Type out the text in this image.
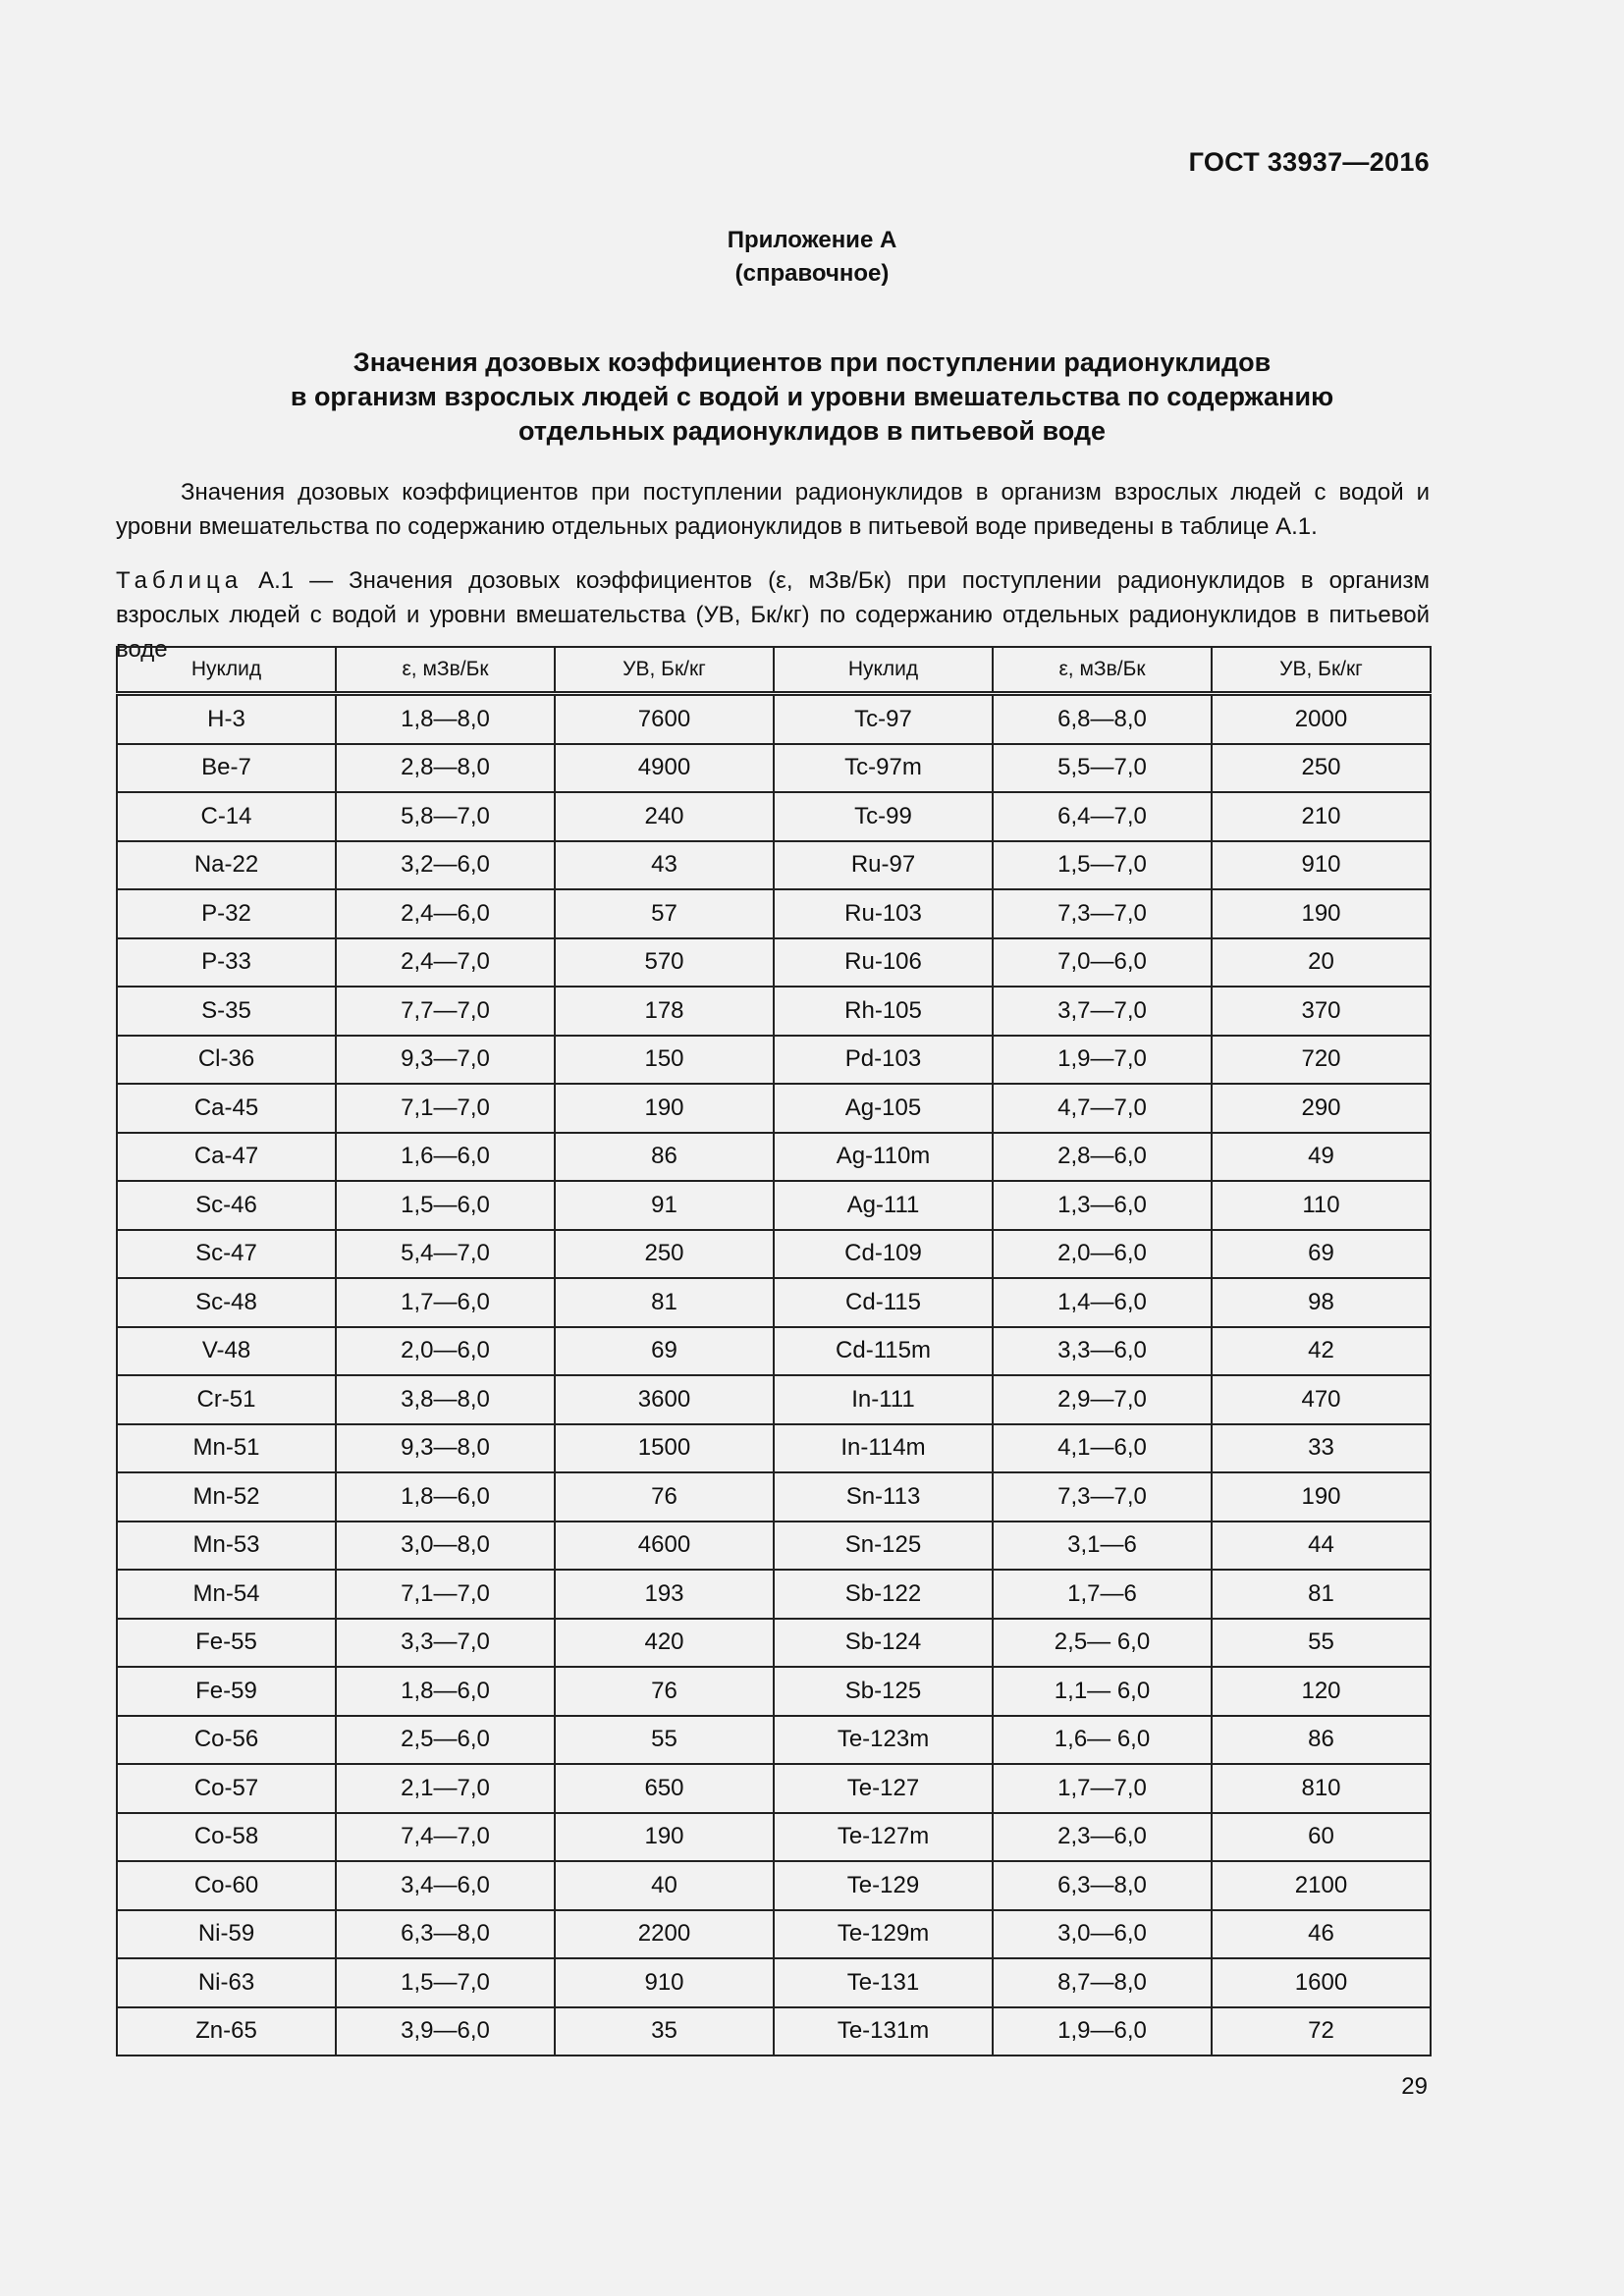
ГОСТ 33937—2016
Приложение А
(справочное)
Значения дозовых коэффициентов при поступлении радионуклидов
в организм взрослых людей с водой и уровни вмешательства по содержанию
отдельных радионуклидов в питьевой воде
Значения дозовых коэффициентов при поступлении радионуклидов в организм взрослых людей с водой и уровни вмешательства по содержанию отдельных радионуклидов в питьевой воде приведены в таблице А.1.
Таблица А.1 — Значения дозовых коэффициентов (ε, мЗв/Бк) при поступлении радионуклидов в организм взрослых людей с водой и уровни вмешательства (УВ, Бк/кг) по содержанию отдельных радионуклидов в питьевой воде
Нуклид	ε, мЗв/Бк	УВ, Бк/кг	Нуклид	ε, мЗв/Бк	УВ, Бк/кг
H-3	1,8—8,0	7600	Tc-97	6,8—8,0	2000
Be-7	2,8—8,0	4900	Tc-97m	5,5—7,0	250
C-14	5,8—7,0	240	Tc-99	6,4—7,0	210
Na-22	3,2—6,0	43	Ru-97	1,5—7,0	910
P-32	2,4—6,0	57	Ru-103	7,3—7,0	190
P-33	2,4—7,0	570	Ru-106	7,0—6,0	20
S-35	7,7—7,0	178	Rh-105	3,7—7,0	370
Cl-36	9,3—7,0	150	Pd-103	1,9—7,0	720
Ca-45	7,1—7,0	190	Ag-105	4,7—7,0	290
Ca-47	1,6—6,0	86	Ag-110m	2,8—6,0	49
Sc-46	1,5—6,0	91	Ag-111	1,3—6,0	110
Sc-47	5,4—7,0	250	Cd-109	2,0—6,0	69
Sc-48	1,7—6,0	81	Cd-115	1,4—6,0	98
V-48	2,0—6,0	69	Cd-115m	3,3—6,0	42
Cr-51	3,8—8,0	3600	In-111	2,9—7,0	470
Mn-51	9,3—8,0	1500	In-114m	4,1—6,0	33
Mn-52	1,8—6,0	76	Sn-113	7,3—7,0	190
Mn-53	3,0—8,0	4600	Sn-125	3,1—6	44
Mn-54	7,1—7,0	193	Sb-122	1,7—6	81
Fe-55	3,3—7,0	420	Sb-124	2,5— 6,0	55
Fe-59	1,8—6,0	76	Sb-125	1,1— 6,0	120
Co-56	2,5—6,0	55	Te-123m	1,6— 6,0	86
Co-57	2,1—7,0	650	Te-127	1,7—7,0	810
Co-58	7,4—7,0	190	Te-127m	2,3—6,0	60
Co-60	3,4—6,0	40	Te-129	6,3—8,0	2100
Ni-59	6,3—8,0	2200	Te-129m	3,0—6,0	46
Ni-63	1,5—7,0	910	Te-131	8,7—8,0	1600
Zn-65	3,9—6,0	35	Te-131m	1,9—6,0	72
29
